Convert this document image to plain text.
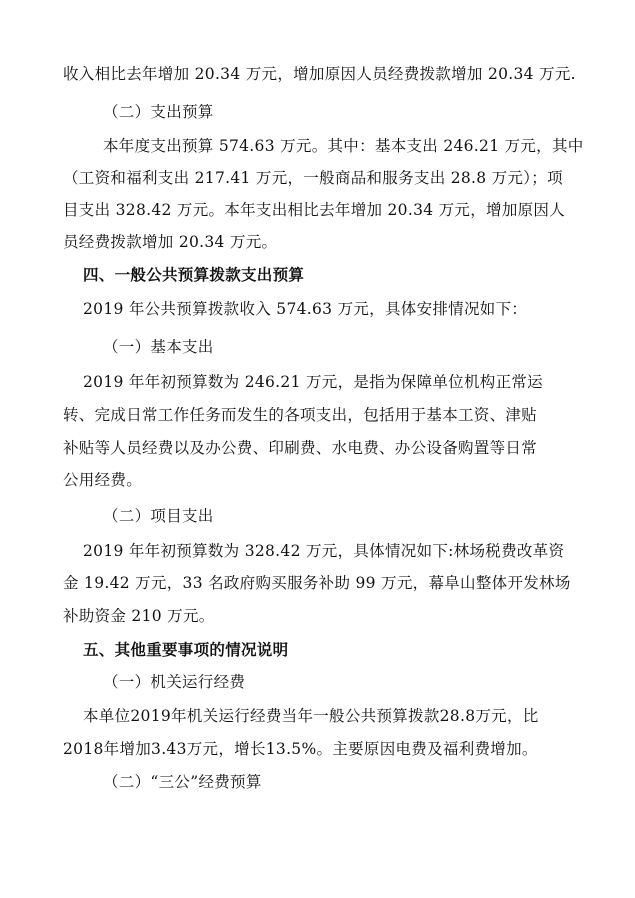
收入相比去年增加 20.34 万元，增加原因人员经费拨款增加 20.34 万元.
（二）支出预算
本年度支出预算 574.63 万元。其中：基本支出 246.21 万元，其中
（工资和福利支出 217.41 万元，一般商品和服务支出 28.8 万元）；项
目支出 328.42 万元。本年支出相比去年增加 20.34 万元，增加原因人
员经费拨款增加 20.34 万元。
四、一般公共预算拨款支出预算
2019 年公共预算拨款收入 574.63 万元，具体安排情况如下：
（一）基本支出
2019 年年初预算数为 246.21 万元，是指为保障单位机构正常运
转、完成日常工作任务而发生的各项支出，包括用于基本工资、津贴
补贴等人员经费以及办公费、印刷费、水电费、办公设备购置等日常
公用经费。
（二）项目支出
2019 年年初预算数为 328.42 万元，具体情况如下:林场税费改革资
金 19.42 万元，33 名政府购买服务补助 99 万元，幕阜山整体开发林场
补助资金 210 万元。
五、其他重要事项的情况说明
（一）机关运行经费
本单位2019年机关运行经费当年一般公共预算拨款28.8万元，比
2018年增加3.43万元，增长13.5%。主要原因电费及福利费增加。
（二）“三公”经费预算
